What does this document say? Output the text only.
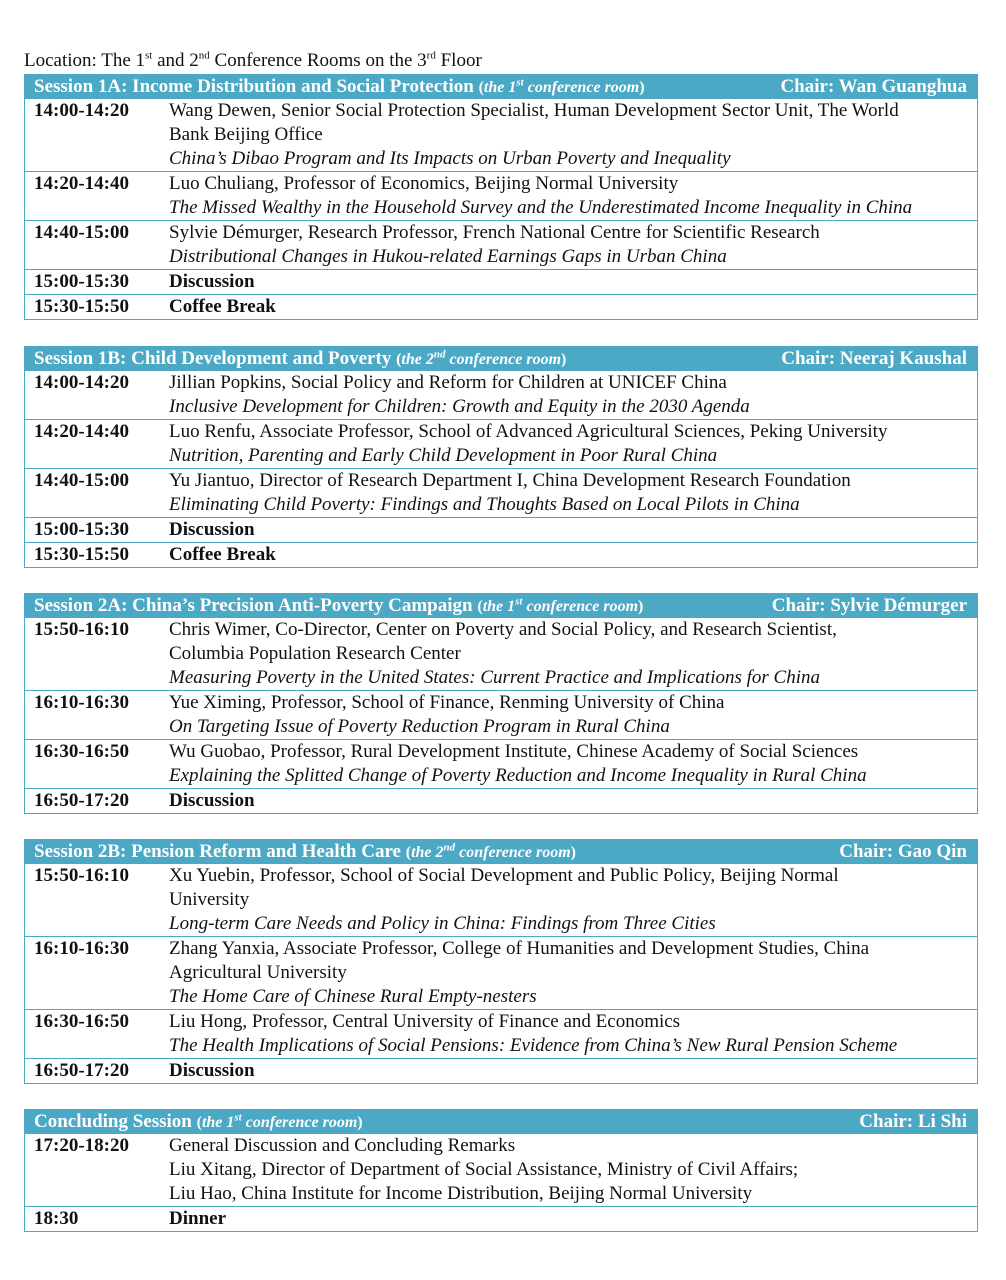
Location: The 1st and 2nd Conference Rooms on the 3rd Floor
Session 1A: Income Distribution and Social Protection (the 1st conference room)	Chair: Wan Guanghua
14:00-14:20	Wang Dewen, Senior Social Protection Specialist, Human Development Sector Unit, The World
Bank Beijing Office
China’s Dibao Program and Its Impacts on Urban Poverty and Inequality
14:20-14:40	Luo Chuliang, Professor of Economics, Beijing Normal University
The Missed Wealthy in the Household Survey and the Underestimated Income Inequality in China
14:40-15:00	Sylvie Démurger, Research Professor, French National Centre for Scientific Research
Distributional Changes in Hukou-related Earnings Gaps in Urban China
15:00-15:30	Discussion
15:30-15:50	Coffee Break
Session 1B: Child Development and Poverty (the 2nd conference room)	Chair: Neeraj Kaushal
14:00-14:20	Jillian Popkins, Social Policy and Reform for Children at UNICEF China
Inclusive Development for Children: Growth and Equity in the 2030 Agenda
14:20-14:40	Luo Renfu, Associate Professor, School of Advanced Agricultural Sciences, Peking University
Nutrition, Parenting and Early Child Development in Poor Rural China
14:40-15:00	Yu Jiantuo, Director of Research Department I, China Development Research Foundation
Eliminating Child Poverty: Findings and Thoughts Based on Local Pilots in China
15:00-15:30	Discussion
15:30-15:50	Coffee Break
Session 2A: China’s Precision Anti-Poverty Campaign (the 1st conference room)	Chair: Sylvie Démurger
15:50-16:10	Chris Wimer, Co-Director, Center on Poverty and Social Policy, and Research Scientist,
Columbia Population Research Center
Measuring Poverty in the United States: Current Practice and Implications for China
16:10-16:30	Yue Ximing, Professor, School of Finance, Renming University of China
On Targeting Issue of Poverty Reduction Program in Rural China
16:30-16:50	Wu Guobao, Professor, Rural Development Institute, Chinese Academy of Social Sciences
Explaining the Splitted Change of Poverty Reduction and Income Inequality in Rural China
16:50-17:20	Discussion
Session 2B: Pension Reform and Health Care (the 2nd conference room)	Chair: Gao Qin
15:50-16:10	Xu Yuebin, Professor, School of Social Development and Public Policy, Beijing Normal
University
Long-term Care Needs and Policy in China: Findings from Three Cities
16:10-16:30	Zhang Yanxia, Associate Professor, College of Humanities and Development Studies, China
Agricultural University
The Home Care of Chinese Rural Empty-nesters
16:30-16:50	Liu Hong, Professor, Central University of Finance and Economics
The Health Implications of Social Pensions: Evidence from China’s New Rural Pension Scheme
16:50-17:20	Discussion
Concluding Session (the 1st conference room)	Chair: Li Shi
17:20-18:20	General Discussion and Concluding Remarks
Liu Xitang, Director of Department of Social Assistance, Ministry of Civil Affairs;
Liu Hao, China Institute for Income Distribution, Beijing Normal University
18:30	Dinner
